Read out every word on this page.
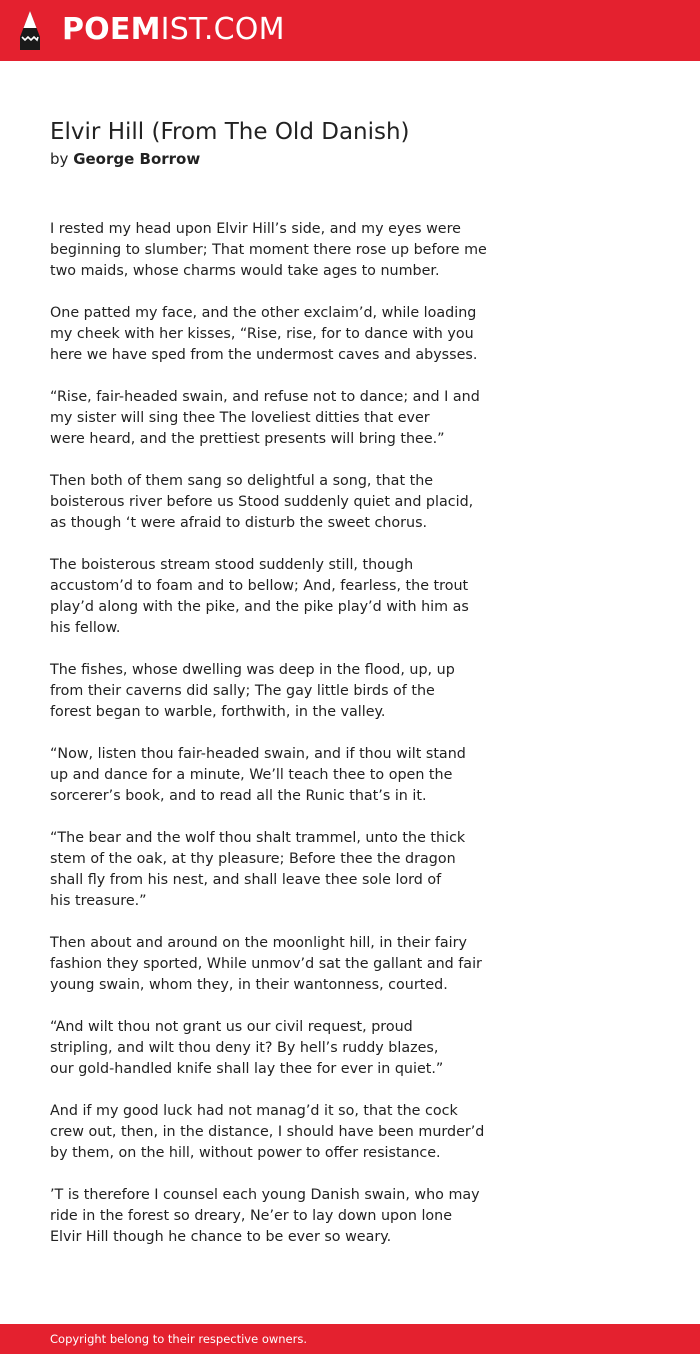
POEMIST.COM
Elvir Hill (From The Old Danish)
by George Borrow
I rested my head upon Elvir Hill’s side, and my eyes were
beginning to slumber; That moment there rose up before me
two maids, whose charms would take ages to number.
One patted my face, and the other exclaim’d, while loading
my cheek with her kisses, “Rise, rise, for to dance with you
here we have sped from the undermost caves and abysses.
“Rise, fair-headed swain, and refuse not to dance; and I and
my sister will sing thee The loveliest ditties that ever
were heard, and the prettiest presents will bring thee.”
Then both of them sang so delightful a song, that the
boisterous river before us Stood suddenly quiet and placid,
as though ‘t were afraid to disturb the sweet chorus.
The boisterous stream stood suddenly still, though
accustom’d to foam and to bellow; And, fearless, the trout
play’d along with the pike, and the pike play’d with him as
his fellow.
The fishes, whose dwelling was deep in the flood, up, up
from their caverns did sally; The gay little birds of the
forest began to warble, forthwith, in the valley.
“Now, listen thou fair-headed swain, and if thou wilt stand
up and dance for a minute, We’ll teach thee to open the
sorcerer’s book, and to read all the Runic that’s in it.
“The bear and the wolf thou shalt trammel, unto the thick
stem of the oak, at thy pleasure; Before thee the dragon
shall fly from his nest, and shall leave thee sole lord of
his treasure.”
Then about and around on the moonlight hill, in their fairy
fashion they sported, While unmov’d sat the gallant and fair
young swain, whom they, in their wantonness, courted.
“And wilt thou not grant us our civil request, proud
stripling, and wilt thou deny it? By hell’s ruddy blazes,
our gold-handled knife shall lay thee for ever in quiet.”
And if my good luck had not manag’d it so, that the cock
crew out, then, in the distance, I should have been murder’d
by them, on the hill, without power to offer resistance.
’T is therefore I counsel each young Danish swain, who may
ride in the forest so dreary, Ne’er to lay down upon lone
Elvir Hill though he chance to be ever so weary.
Copyright belong to their respective owners.
